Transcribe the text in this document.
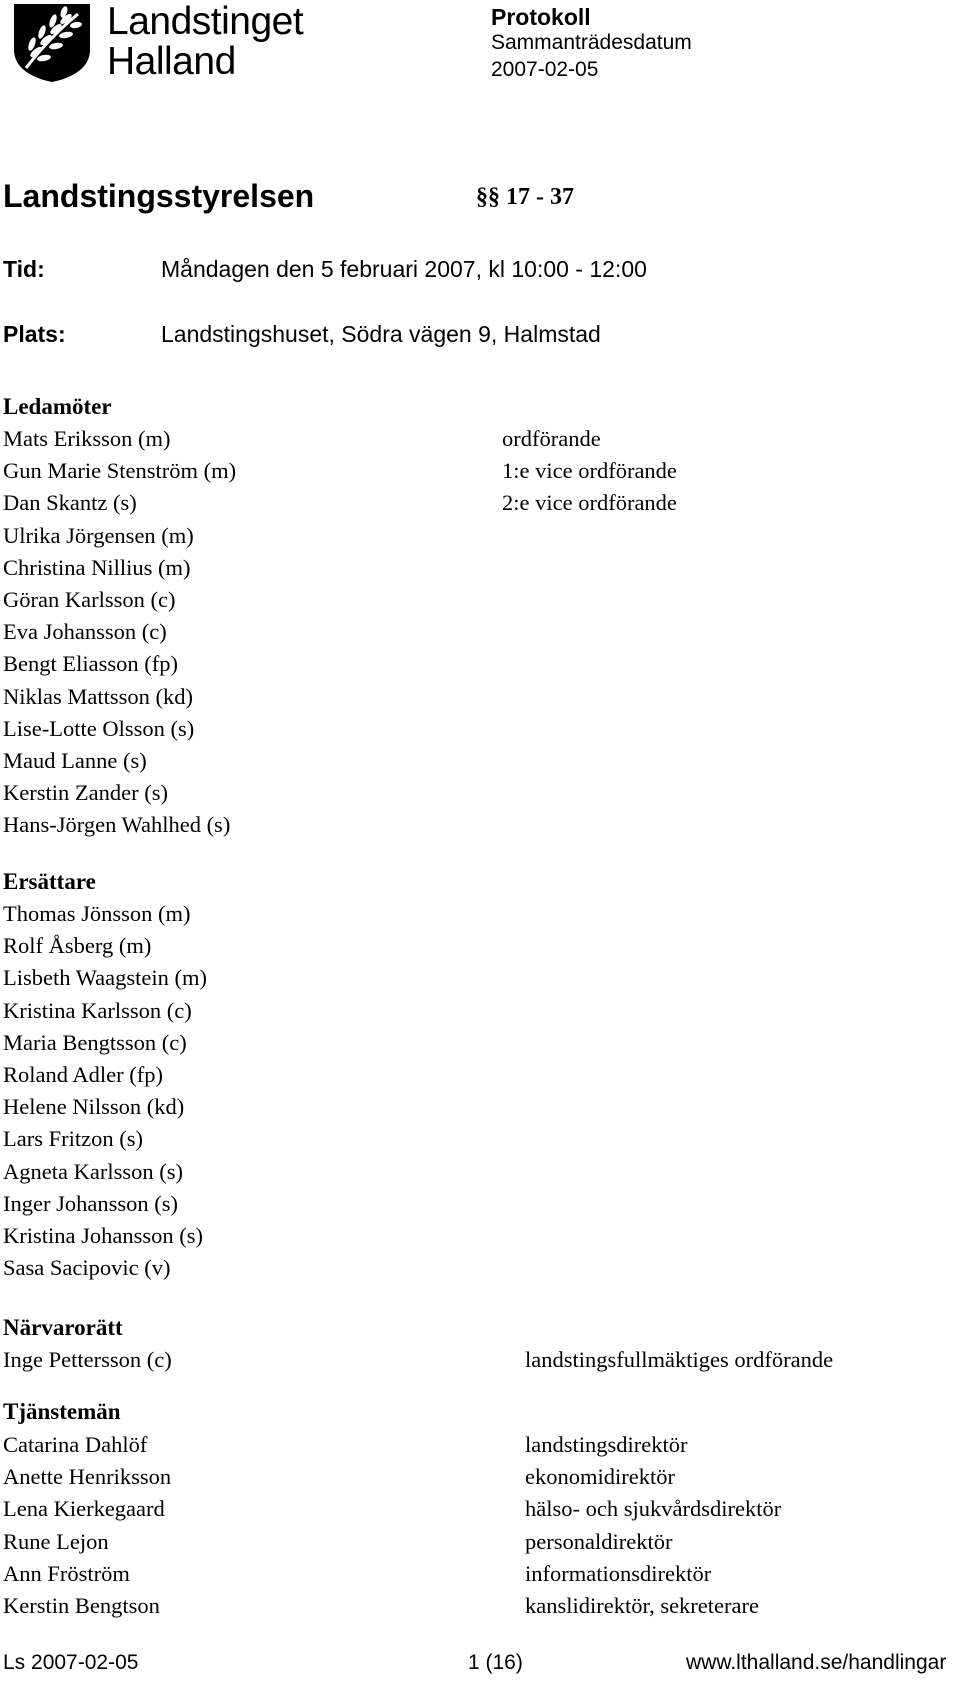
Landstinget
Halland
Protokoll
Sammanträdesdatum
2007-02-05
Landstingsstyrelsen	§§ 17 - 37
Tid:	Måndagen den 5 februari 2007, kl 10:00 - 12:00
Plats:	Landstingshuset, Södra vägen 9, Halmstad
Ledamöter
Mats Eriksson (m)	ordförande
Gun Marie Stenström (m)	1:e vice ordförande
Dan Skantz (s)	2:e vice ordförande
Ulrika Jörgensen (m)
Christina Nillius (m)
Göran Karlsson (c)
Eva Johansson (c)
Bengt Eliasson (fp)
Niklas Mattsson (kd)
Lise-Lotte Olsson (s)
Maud Lanne (s)
Kerstin Zander (s)
Hans-Jörgen Wahlhed (s)
Ersättare
Thomas Jönsson (m)
Rolf Åsberg (m)
Lisbeth Waagstein (m)
Kristina Karlsson (c)
Maria Bengtsson (c)
Roland Adler (fp)
Helene Nilsson (kd)
Lars Fritzon (s)
Agneta Karlsson (s)
Inger Johansson (s)
Kristina Johansson (s)
Sasa Sacipovic (v)
Närvarorätt
Inge Pettersson (c)	landstingsfullmäktiges ordförande
Tjänstemän
Catarina Dahlöf	landstingsdirektör
Anette Henriksson	ekonomidirektör
Lena Kierkegaard	hälso- och sjukvårdsdirektör
Rune Lejon	personaldirektör
Ann Fröström	informationsdirektör
Kerstin Bengtson	kanslidirektör, sekreterare
Ls 2007-02-05	1 (16)	www.lthalland.se/handlingar
